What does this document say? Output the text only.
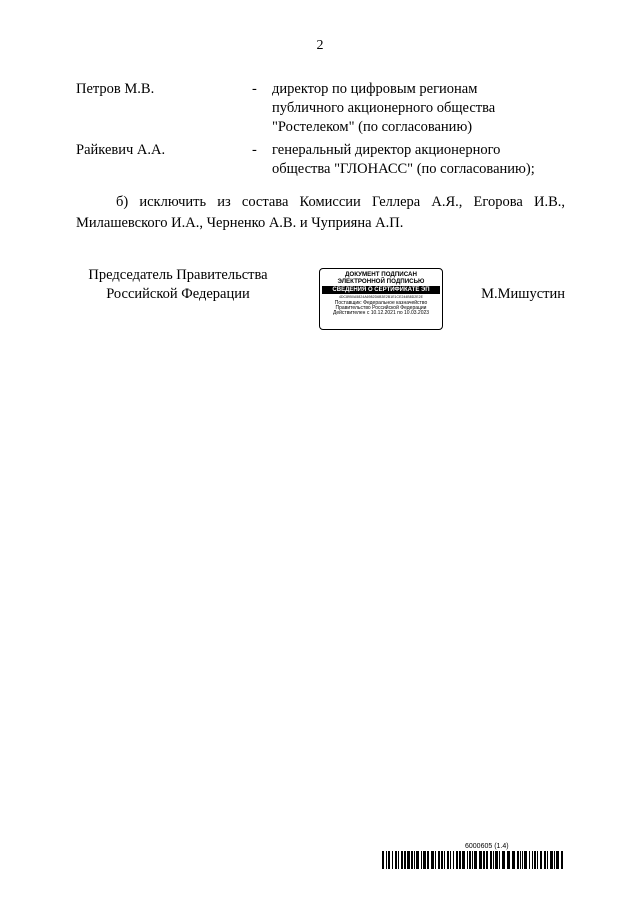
2
Петров М.В.	- директор по цифровым регионам
публичного акционерного общества
"Ростелеком" (по согласованию)
Райкевич А.А.	- генеральный директор акционерного
общества "ГЛОНАСС" (по согласованию);
б) исключить из состава Комиссии Геллера А.Я., Егорова И.В.,
Милашевского И.А., Черненко А.В. и Чуприяна А.П.
Председатель Правительства
Российской Федерации
ДОКУМЕНТ ПОДПИСАН
ЭЛЕКТРОННОЙ ПОДПИСЬЮ
СВЕДЕНИЯ О СЕРТИФИКАТЕ ЭП
4DC8950A5824A6982D6B3E2B1E1CE244B8D2E2E
Поставщик: Федеральное казначейство
Правительство Российской Федерации
Действителен с 10.12.2021 по 10.03.2023
М.Мишустин
6000605 (1.4)
